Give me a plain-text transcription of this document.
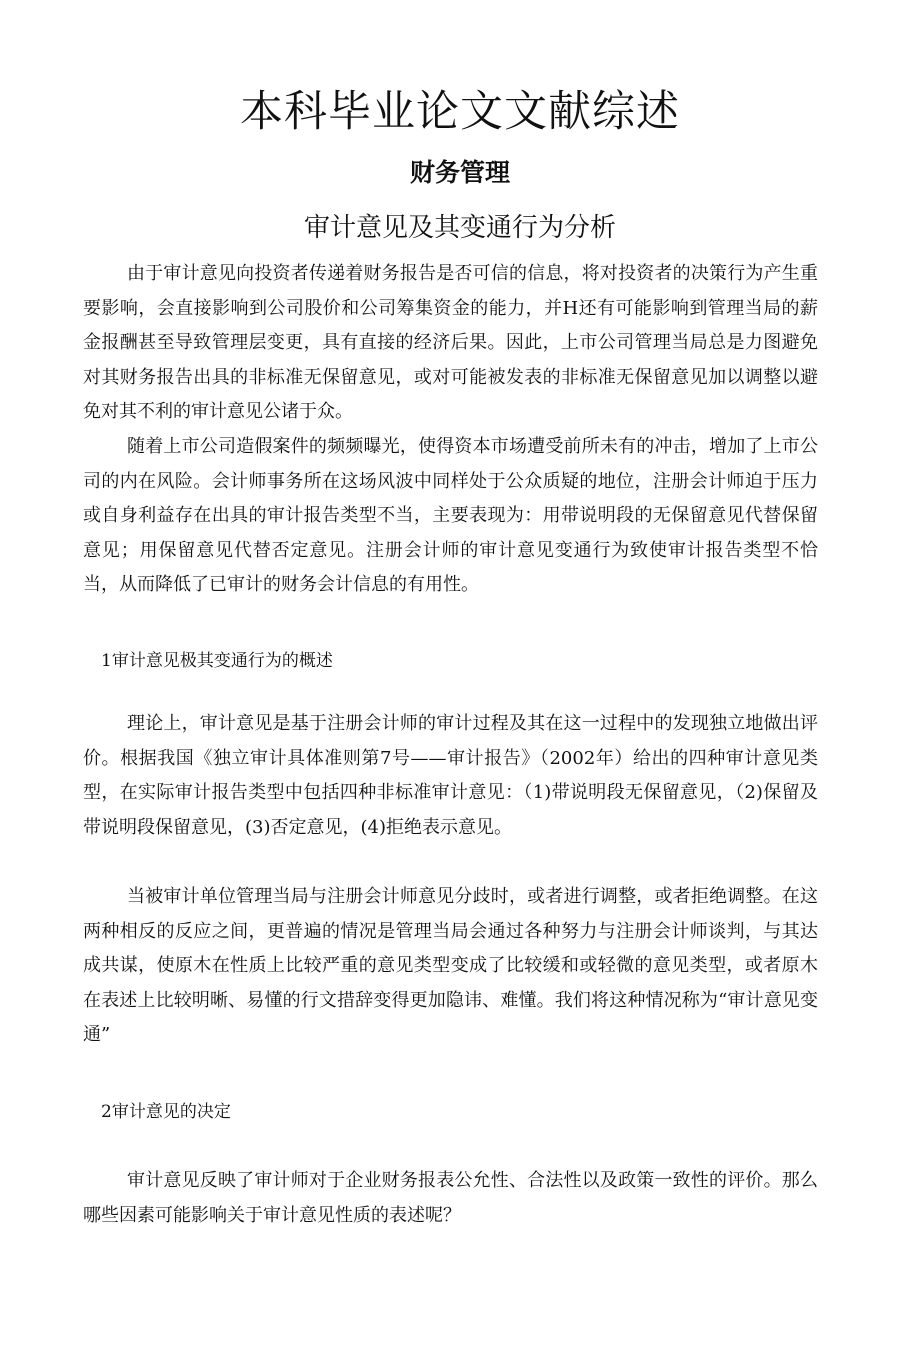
本科毕业论文文献综述
财务管理
审计意见及其变通行为分析

由于审计意见向投资者传递着财务报告是否可信的信息，将对投资者的决策行为产生重要影响，会直接影响到公司股价和公司筹集资金的能力，并H还有可能影响到管理当局的薪金报酬甚至导致管理层变更，具有直接的经济后果。因此，上市公司管理当局总是力图避免对其财务报告出具的非标准无保留意见，或对可能被发表的非标准无保留意见加以调整以避免对其不利的审计意见公诸于众。

随着上市公司造假案件的频频曝光，使得资本市场遭受前所未有的冲击，增加了上市公司的内在风险。会计师事务所在这场风波中同样处于公众质疑的地位，注册会计师迫于压力或自身利益存在出具的审计报告类型不当，主要表现为：用带说明段的无保留意见代替保留意见；用保留意见代替否定意见。注册会计师的审计意见变通行为致使审计报告类型不恰当，从而降低了已审计的财务会计信息的有用性。

1审计意见极其变通行为的概述

理论上，审计意见是基于注册会计师的审计过程及其在这一过程中的发现独立地做出评价。根据我国《独立审计具体准则第7号——审计报告》（2002年）给出的四种审计意见类型，在实际审计报告类型中包括四种非标准审计意见：（1)带说明段无保留意见，（2)保留及带说明段保留意见，(3)否定意见，(4)拒绝表示意见。

当被审计单位管理当局与注册会计师意见分歧时，或者进行调整，或者拒绝调整。在这两种相反的反应之间，更普遍的情况是管理当局会通过各种努力与注册会计师谈判，与其达成共谋，使原木在性质上比较严重的意见类型变成了比较缓和或轻微的意见类型，或者原木在表述上比较明晰、易懂的行文措辞变得更加隐讳、难懂。我们将这种情况称为“审计意见变通”

2审计意见的决定

审计意见反映了审计师对于企业财务报表公允性、合法性以及政策一致性的评价。那么哪些因素可能影响关于审计意见性质的表述呢？
